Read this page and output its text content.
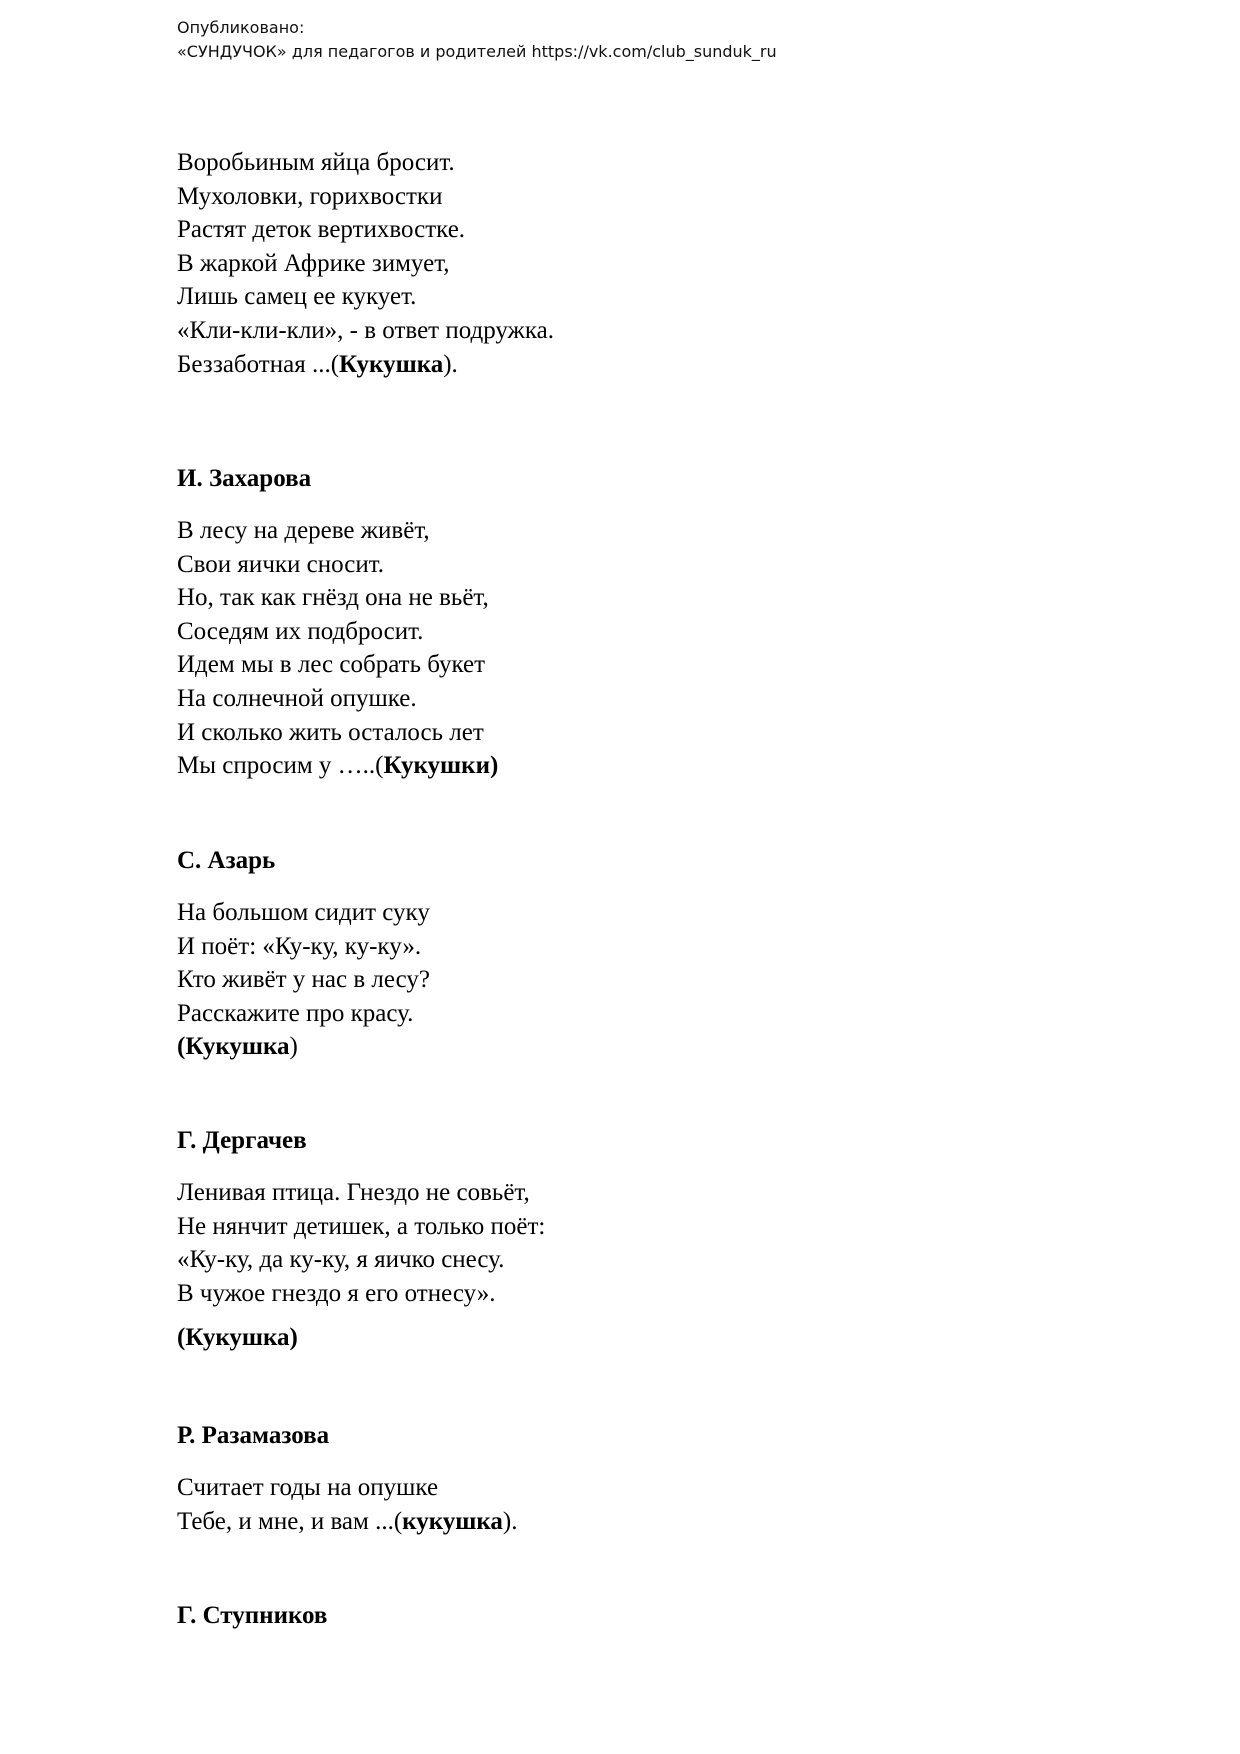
Опубликовано:
«СУНДУЧОК» для педагогов и родителей https://vk.com/club_sunduk_ru
Воробьиным яйца бросит.
Мухоловки, горихвостки
Растят деток вертихвостке.
В жаркой Африке зимует,
Лишь самец ее кукует.
«Кли-кли-кли», - в ответ подружка.
Беззаботная ...(Кукушка).
И. Захарова
В лесу на дереве живёт,
Свои яички сносит.
Но, так как гнёзд она не вьёт,
Соседям их подбросит.
Идем мы в лес собрать букет
На солнечной опушке.
И сколько жить осталось лет
Мы спросим у …..(Кукушки)
С. Азарь
На большом сидит суку
И поёт: «Ку-ку, ку-ку».
Кто живёт у нас в лесу?
Расскажите про красу.
(Кукушка)
Г. Дергачев
Ленивая птица. Гнездо не совьёт,
Не нянчит детишек, а только поёт:
«Ку-ку, да ку-ку, я яичко снесу.
В чужое гнездо я его отнесу».
(Кукушка)
Р. Разамазова
Считает годы на опушке
Тебе, и мне, и вам ...(кукушка).
Г. Ступников
